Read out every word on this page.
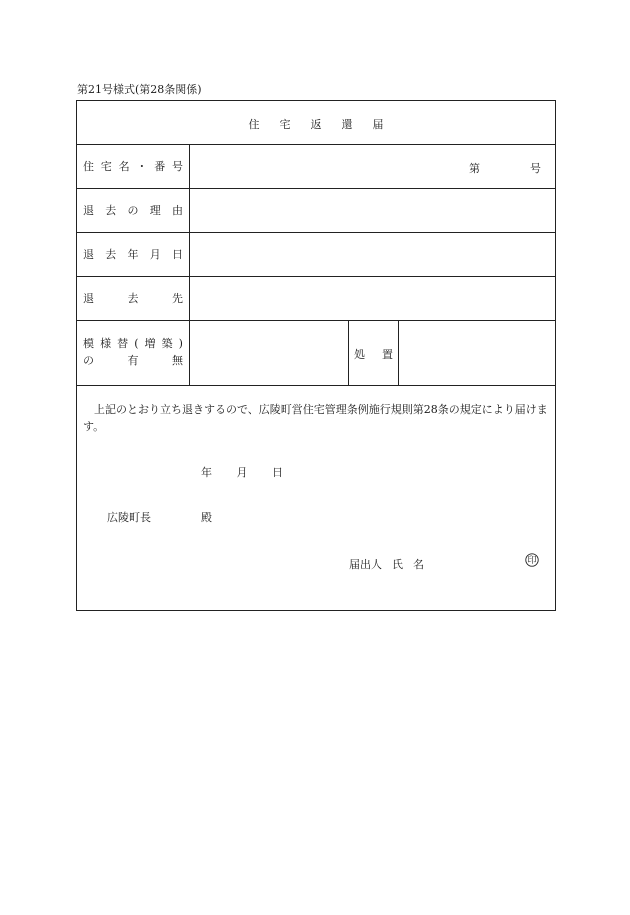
第21号様式(第28条関係)
住宅返還届
住 宅 名 ・ 番 号	第	号
退 去 の 理 由
退 去 年 月 日
退	去	先
模 様 替 ( 増 築 )
の	有	無	処 置
上記のとおり立ち退きするので、広陵町営住宅管理条例施行規則第28条の規定により届けます。
年 月 日
広陵町長	殿
届出人 氏 名	印
